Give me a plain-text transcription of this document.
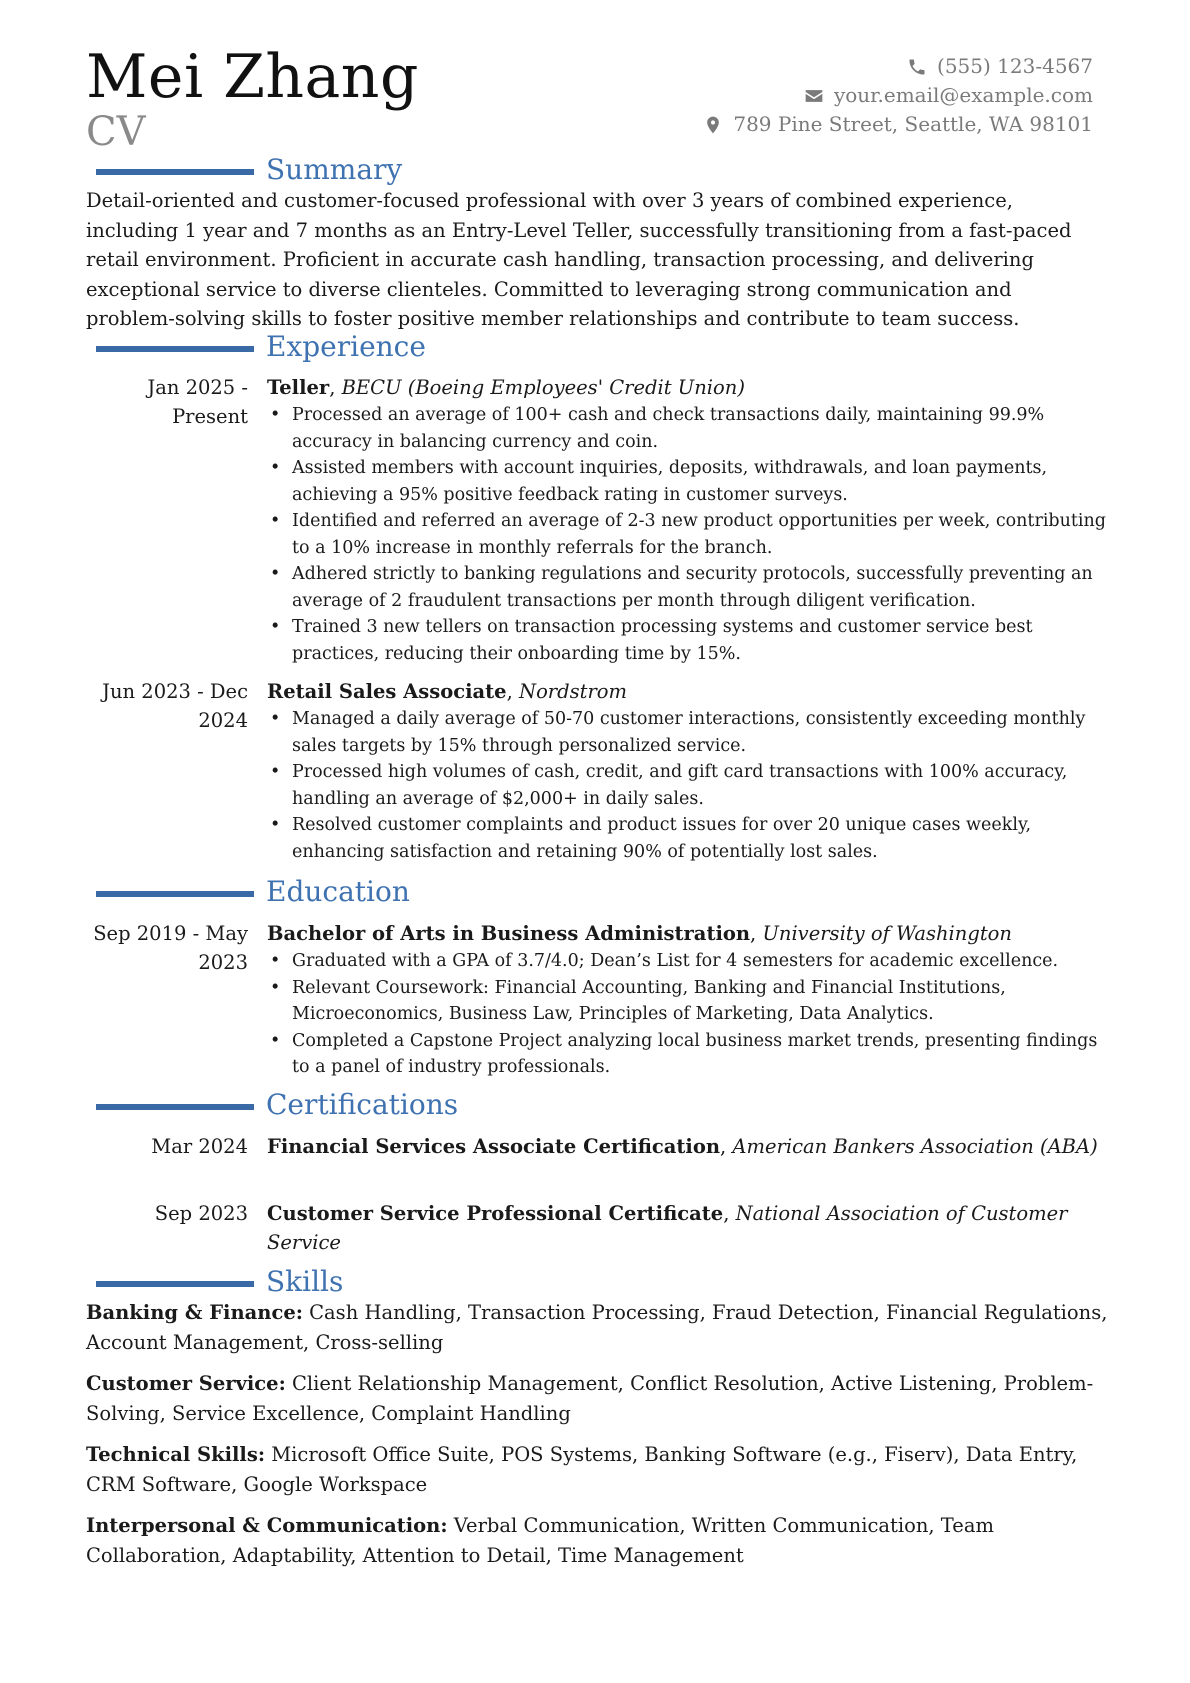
Mei Zhang
CV
(555) 123-4567
your.email@example.com
789 Pine Street, Seattle, WA 98101
Summary
Detail-oriented and customer-focused professional with over 3 years of combined experience, including 1 year and 7 months as an Entry-Level Teller, successfully transitioning from a fast-paced retail environment. Proficient in accurate cash handling, transaction processing, and delivering exceptional service to diverse clienteles. Committed to leveraging strong communication and problem-solving skills to foster positive member relationships and contribute to team success.
Experience
Jan 2025 - Present
Teller, BECU (Boeing Employees' Credit Union)
• Processed an average of 100+ cash and check transactions daily, maintaining 99.9% accuracy in balancing currency and coin.
• Assisted members with account inquiries, deposits, withdrawals, and loan payments, achieving a 95% positive feedback rating in customer surveys.
• Identified and referred an average of 2-3 new product opportunities per week, contributing to a 10% increase in monthly referrals for the branch.
• Adhered strictly to banking regulations and security protocols, successfully preventing an average of 2 fraudulent transactions per month through diligent verification.
• Trained 3 new tellers on transaction processing systems and customer service best practices, reducing their onboarding time by 15%.
Jun 2023 - Dec 2024
Retail Sales Associate, Nordstrom
• Managed a daily average of 50-70 customer interactions, consistently exceeding monthly sales targets by 15% through personalized service.
• Processed high volumes of cash, credit, and gift card transactions with 100% accuracy, handling an average of $2,000+ in daily sales.
• Resolved customer complaints and product issues for over 20 unique cases weekly, enhancing satisfaction and retaining 90% of potentially lost sales.
Education
Sep 2019 - May 2023
Bachelor of Arts in Business Administration, University of Washington
• Graduated with a GPA of 3.7/4.0; Dean’s List for 4 semesters for academic excellence.
• Relevant Coursework: Financial Accounting, Banking and Financial Institutions, Microeconomics, Business Law, Principles of Marketing, Data Analytics.
• Completed a Capstone Project analyzing local business market trends, presenting findings to a panel of industry professionals.
Certifications
Mar 2024 Financial Services Associate Certification, American Bankers Association (ABA)
Sep 2023 Customer Service Professional Certificate, National Association of Customer Service
Skills
Banking & Finance: Cash Handling, Transaction Processing, Fraud Detection, Financial Regulations, Account Management, Cross-selling
Customer Service: Client Relationship Management, Conflict Resolution, Active Listening, Problem-Solving, Service Excellence, Complaint Handling
Technical Skills: Microsoft Office Suite, POS Systems, Banking Software (e.g., Fiserv), Data Entry, CRM Software, Google Workspace
Interpersonal & Communication: Verbal Communication, Written Communication, Team Collaboration, Adaptability, Attention to Detail, Time Management
